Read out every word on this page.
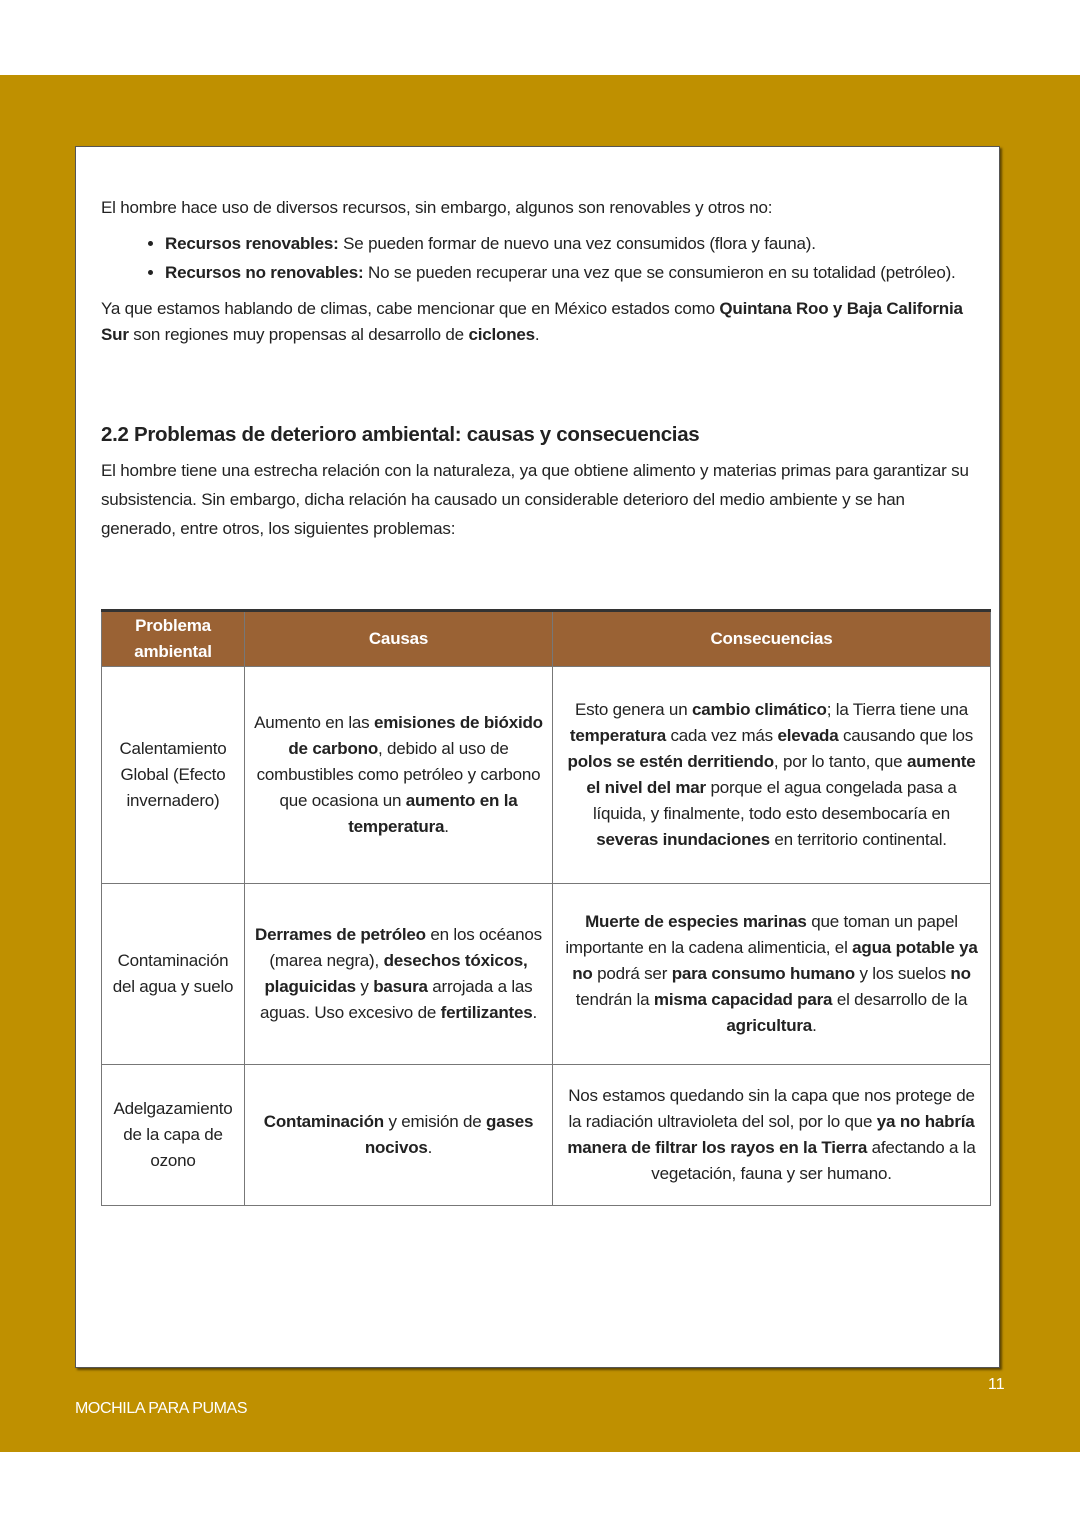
El hombre hace uso de diversos recursos, sin embargo, algunos son renovables y otros no:

• Recursos renovables: Se pueden formar de nuevo una vez consumidos (flora y fauna).
• Recursos no renovables: No se pueden recuperar una vez que se consumieron en su totalidad (petróleo).

Ya que estamos hablando de climas, cabe mencionar que en México estados como Quintana Roo y Baja California Sur son regiones muy propensas al desarrollo de ciclones.

2.2 Problemas de deterioro ambiental: causas y consecuencias

El hombre tiene una estrecha relación con la naturaleza, ya que obtiene alimento y materias primas para garantizar su subsistencia. Sin embargo, dicha relación ha causado un considerable deterioro del medio ambiente y se han generado, entre otros, los siguientes problemas:

Problema ambiental	Causas	Consecuencias
Calentamiento Global (Efecto invernadero)	Aumento en las emisiones de bióxido de carbono, debido al uso de combustibles como petróleo y carbono que ocasiona un aumento en la temperatura.	Esto genera un cambio climático; la Tierra tiene una temperatura cada vez más elevada causando que los polos se estén derritiendo, por lo tanto, que aumente el nivel del mar porque el agua congelada pasa a líquida, y finalmente, todo esto desembocaría en severas inundaciones en territorio continental.
Contaminación del agua y suelo	Derrames de petróleo en los océanos (marea negra), desechos tóxicos, plaguicidas y basura arrojada a las aguas. Uso excesivo de fertilizantes.	Muerte de especies marinas que toman un papel importante en la cadena alimenticia, el agua potable ya no podrá ser para consumo humano y los suelos no tendrán la misma capacidad para el desarrollo de la agricultura.
Adelgazamiento de la capa de ozono	Contaminación y emisión de gases nocivos.	Nos estamos quedando sin la capa que nos protege de la radiación ultravioleta del sol, por lo que ya no habría manera de filtrar los rayos en la Tierra afectando a la vegetación, fauna y ser humano.
11
MOCHILA PARA PUMAS
